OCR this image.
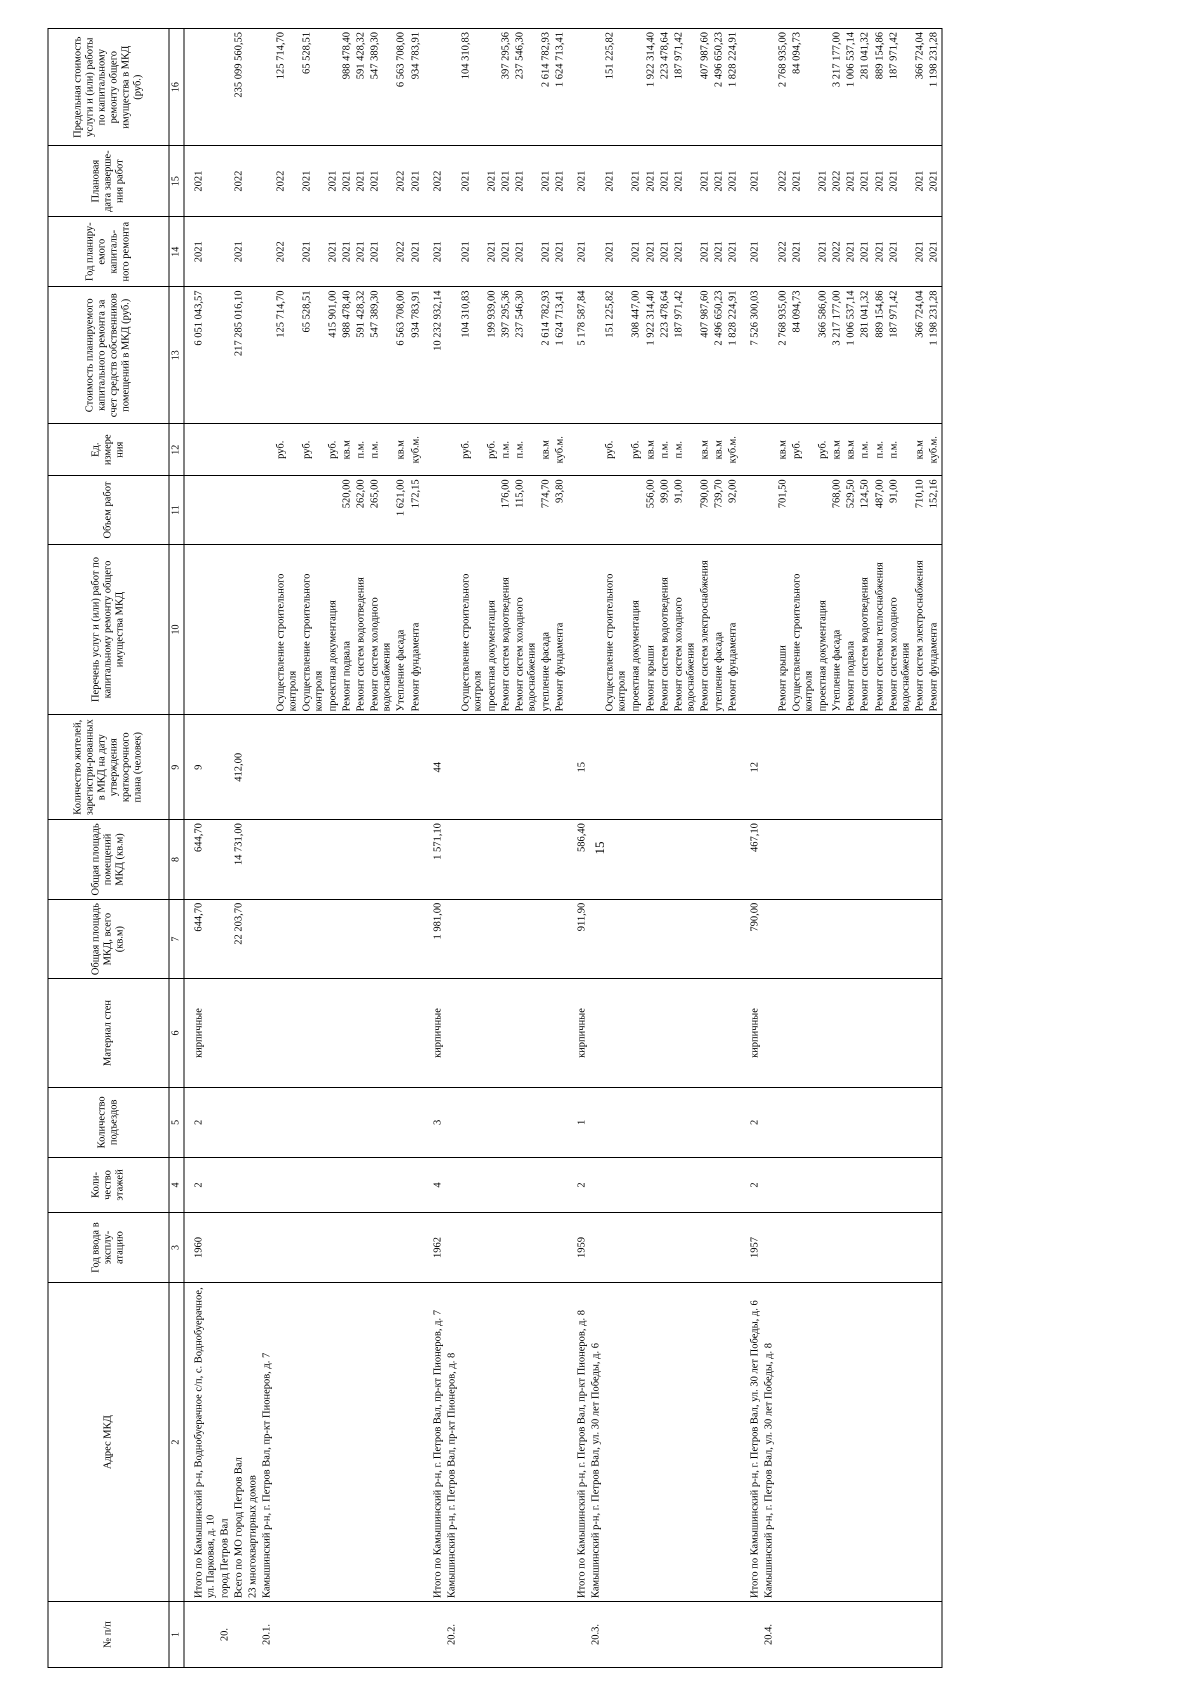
15
№ п/п	Адрес МКД	Год ввода в эксплу-атацию	Коли-чество этажей	Количество подъездов	Материал стен	Общая площадь МКД, всего (кв.м)	Общая площадь помещений МКД (кв.м)	Количество жителей, зарегистри-рованных в МКД на дату утверждения краткосрочного плана (человек)	Перечень услуг и (или) работ по капитальному ремонту общего имущества МКД	Объем работ	Ед. измере ния	Стоимость планируемого капитального ремонта за счет средств собственников помещений в МКД (руб.)	Год планиру-емого капиталь-ного ремонта	Плановая дата заверше-ния работ	Предельная стоимость услуги и (или) работы по капитальному ремонту общего имущества в МКД (руб.)
1	2	3	4	5	6	7	8	9	10	11	12	13	14	15	16

	Итого по Камышинский р-н, Воднобуерачное с/п, с. Воднобуерачное, ул. Парковая, д. 10	1960	2	2	кирпичные	644,70	644,70	9				6 051 043,57	2021	2021	
20.	город Петров Вал														
	Всего по МО город Петров Вал					22 203,70	14 731,00	412,00				217 285 016,10	2021	2022	235 099 560,55
	23 многоквартирных домов														
20.1.	Камышинский р-н, г. Петров Вал, пр-кт Пионеров, д. 7														
									Осуществление строительного контроля		руб.	125 714,70	2022	2022	125 714,70
									Осуществление строительного контроля		руб.	65 528,51	2021	2021	65 528,51
									проектная документация		руб.	415 901,00	2021	2021	
									Ремонт подвала	520,00	кв.м	988 478,40	2021	2021	988 478,40
									Ремонт систем водоотведения	262,00	п.м.	591 428,32	2021	2021	591 428,32
									Ремонт систем холодного водоснабжения	265,00	п.м.	547 389,30	2021	2021	547 389,30
									Утепление фасада	1 621,00	кв.м	6 563 708,00	2022	2022	6 563 708,00
									Ремонт фундамента	172,15	куб.м.	934 783,91	2021	2021	934 783,91

	Итого по Камышинский р-н, г. Петров Вал, пр-кт Пионеров, д. 7	1962	4	3	кирпичные	1 981,00	1 571,10	44				10 232 932,14	2021	2022	
20.2.	Камышинский р-н, г. Петров Вал, пр-кт Пионеров, д. 8														
									Осуществление строительного контроля		руб.	104 310,83	2021	2021	104 310,83
									проектная документация		руб.	199 939,00	2021	2021	
									Ремонт систем водоотведения	176,00	п.м.	397 295,36	2021	2021	397 295,36
									Ремонт систем холодного водоснабжения	115,00	п.м.	237 546,30	2021	2021	237 546,30
									утепление фасада	774,70	кв.м	2 614 782,93	2021	2021	2 614 782,93
									Ремонт фундамента	93,80	куб.м.	1 624 713,41	2021	2021	1 624 713,41

	Итого по Камышинский р-н, г. Петров Вал, пр-кт Пионеров, д. 8	1959	2	1	кирпичные	911,90	586,40	15				5 178 587,84	2021	2021	
20.3.	Камышинский р-н, г. Петров Вал, ул. 30 лет Победы, д. 6														
									Осуществление строительного контроля		руб.	151 225,82	2021	2021	151 225,82
									проектная документация		руб.	308 447,00	2021	2021	
									Ремонт крыши	556,00	кв.м	1 922 314,40	2021	2021	1 922 314,40
									Ремонт систем водоотведения	99,00	п.м.	223 478,64	2021	2021	223 478,64
									Ремонт систем холодного водоснабжения	91,00	п.м.	187 971,42	2021	2021	187 971,42
									Ремонт систем электроснабжения	790,00	кв.м	407 987,60	2021	2021	407 987,60
									утепление фасада	739,70	кв.м	2 496 650,23	2021	2021	2 496 650,23
									Ремонт фундамента	92,00	куб.м.	1 828 224,91	2021	2021	1 828 224,91

	Итого по Камышинский р-н, г. Петров Вал, ул. 30 лет Победы, д. 6	1957	2	2	кирпичные	790,00	467,10	12				7 526 300,03	2021	2021	
20.4.	Камышинский р-н, г. Петров Вал, ул. 30 лет Победы, д. 8														
									Ремонт крыши	701,50	кв.м	2 768 935,00	2022	2022	2 768 935,00
									Осуществление строительного контроля		руб.	84 094,73	2021	2021	84 094,73
									проектная документация		руб.	366 586,00	2021	2021	
									Утепление фасада	768,00	кв.м	3 217 177,00	2022	2022	3 217 177,00
									Ремонт подвала	529,50	кв.м	1 006 537,14	2021	2021	1 006 537,14
									Ремонт систем водоотведения	124,50	п.м.	281 041,32	2021	2021	281 041,32
									Ремонт системы теплоснабжения	487,00	п.м.	889 154,86	2021	2021	889 154,86
									Ремонт систем холодного водоснабжения	91,00	п.м.	187 971,42	2021	2021	187 971,42
									Ремонт систем электроснабжения	710,10	кв.м	366 724,04	2021	2021	366 724,04
									Ремонт фундамента	152,16	куб.м.	1 198 231,28	2021	2021	1 198 231,28
